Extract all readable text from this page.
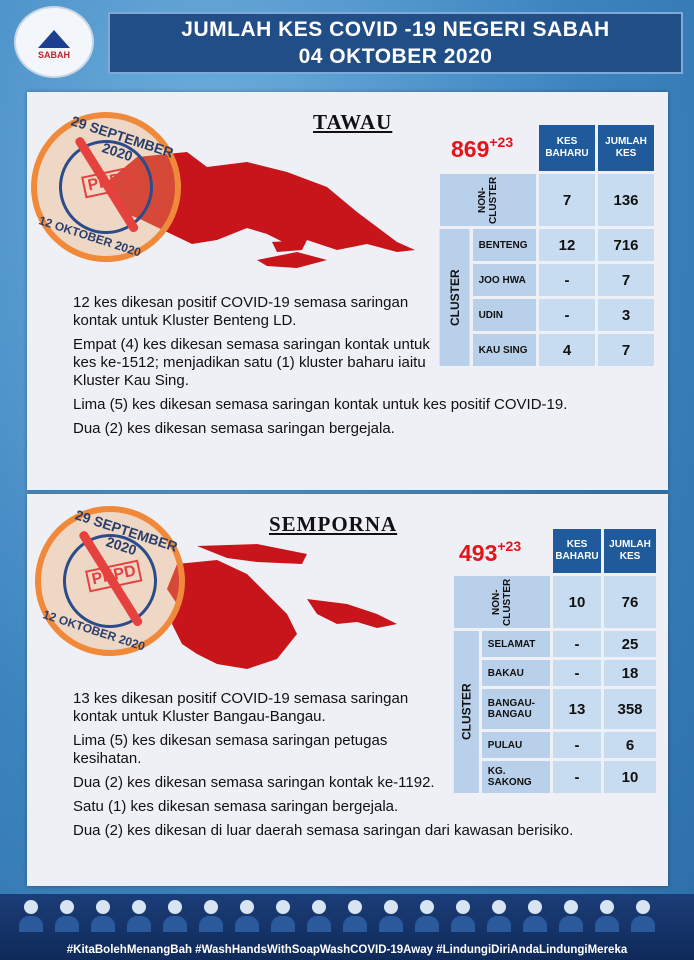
SABAH
JUMLAH KES COVID -19 NEGERI SABAH
04 OKTOBER 2020
29 SEPTEMBER 2020
PKPD
12 OKTOBER 2020
TAWAU
$869^{+23}$
		KES BAHARU	JUMLAH KES
NON-CLUSTER		7	136
CLUSTER	BENTENG	12	716
	JOO HWA	-	7
	UDIN	-	3
	KAU SING	4	7

12 kes dikesan positif COVID-19 semasa saringan kontak untuk Kluster Benteng LD.

Empat (4) kes dikesan semasa saringan kontak untuk kes ke-1512; menjadikan satu (1) kluster baharu iaitu Kluster Kau Sing.

Lima (5) kes dikesan semasa saringan kontak untuk kes positif COVID-19.

Dua (2) kes dikesan semasa saringan bergejala.

29 SEPTEMBER 2020
PKPD
12 OKTOBER 2020
SEMPORNA
$493^{+23}$
		KES BAHARU	JUMLAH KES
NON-CLUSTER		10	76
CLUSTER	SELAMAT	-	25
	BAKAU	-	18
	BANGAU-BANGAU	13	358
	PULAU	-	6
	KG. SAKONG	-	10

13 kes dikesan positif COVID-19 semasa saringan kontak untuk Kluster Bangau-Bangau.

Lima (5) kes dikesan semasa saringan petugas kesihatan.

Dua (2) kes dikesan semasa saringan kontak ke-1192.

Satu (1) kes dikesan semasa saringan bergejala.

Dua (2) kes dikesan di luar daerah semasa saringan dari kawasan berisiko.

#KitaBolehMenangBah #WashHandsWithSoapWashCOVID-19Away #LindungiDiriAndaLindungiMereka
